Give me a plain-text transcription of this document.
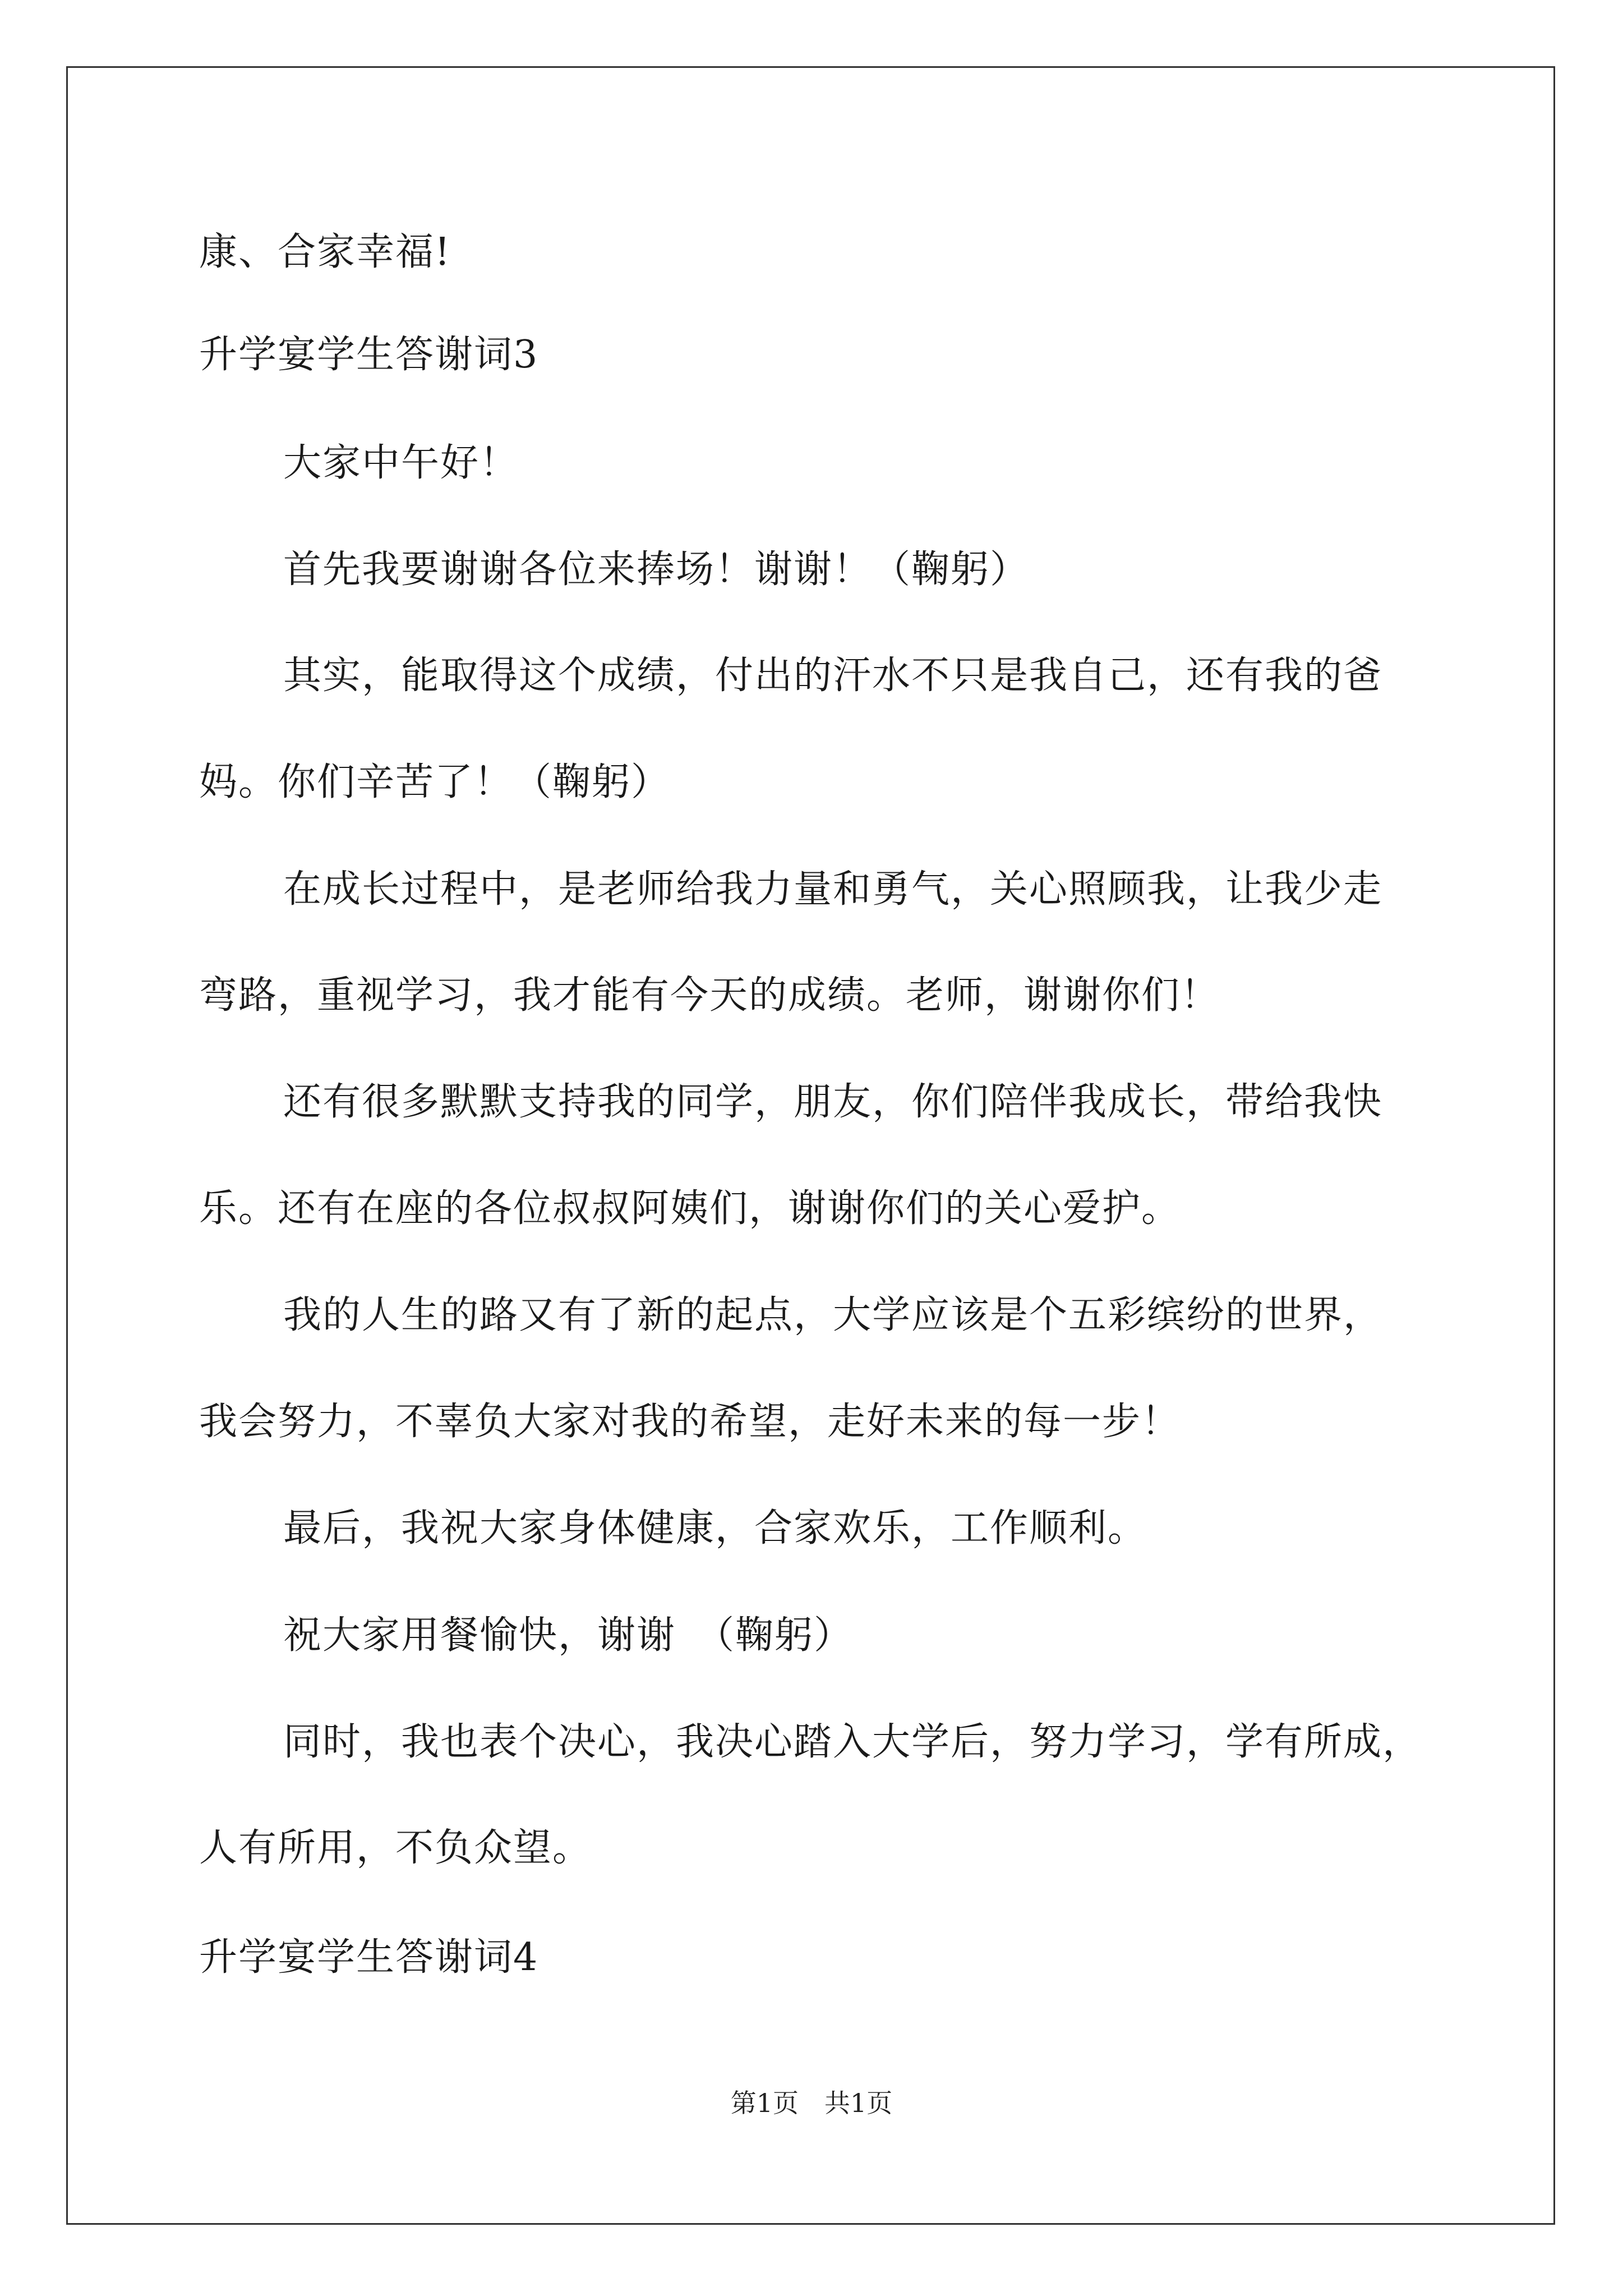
康、合家幸福!
升学宴学生答谢词3
大家中午好！
首先我要谢谢各位来捧场！谢谢！（鞠躬）
其实，能取得这个成绩，付出的汗水不只是我自己，还有我的爸
妈。你们辛苦了！（鞠躬）
在成长过程中，是老师给我力量和勇气，关心照顾我，让我少走
弯路，重视学习，我才能有今天的成绩。老师，谢谢你们！
还有很多默默支持我的同学，朋友，你们陪伴我成长，带给我快
乐。还有在座的各位叔叔阿姨们，谢谢你们的关心爱护。
我的人生的路又有了新的起点，大学应该是个五彩缤纷的世界，
我会努力，不辜负大家对我的希望，走好未来的每一步！
最后，我祝大家身体健康，合家欢乐，工作顺利。
祝大家用餐愉快，谢谢　（鞠躬）
同时，我也表个决心，我决心踏入大学后，努力学习，学有所成，
人有所用，不负众望。
升学宴学生答谢词4
第1页　共1页
